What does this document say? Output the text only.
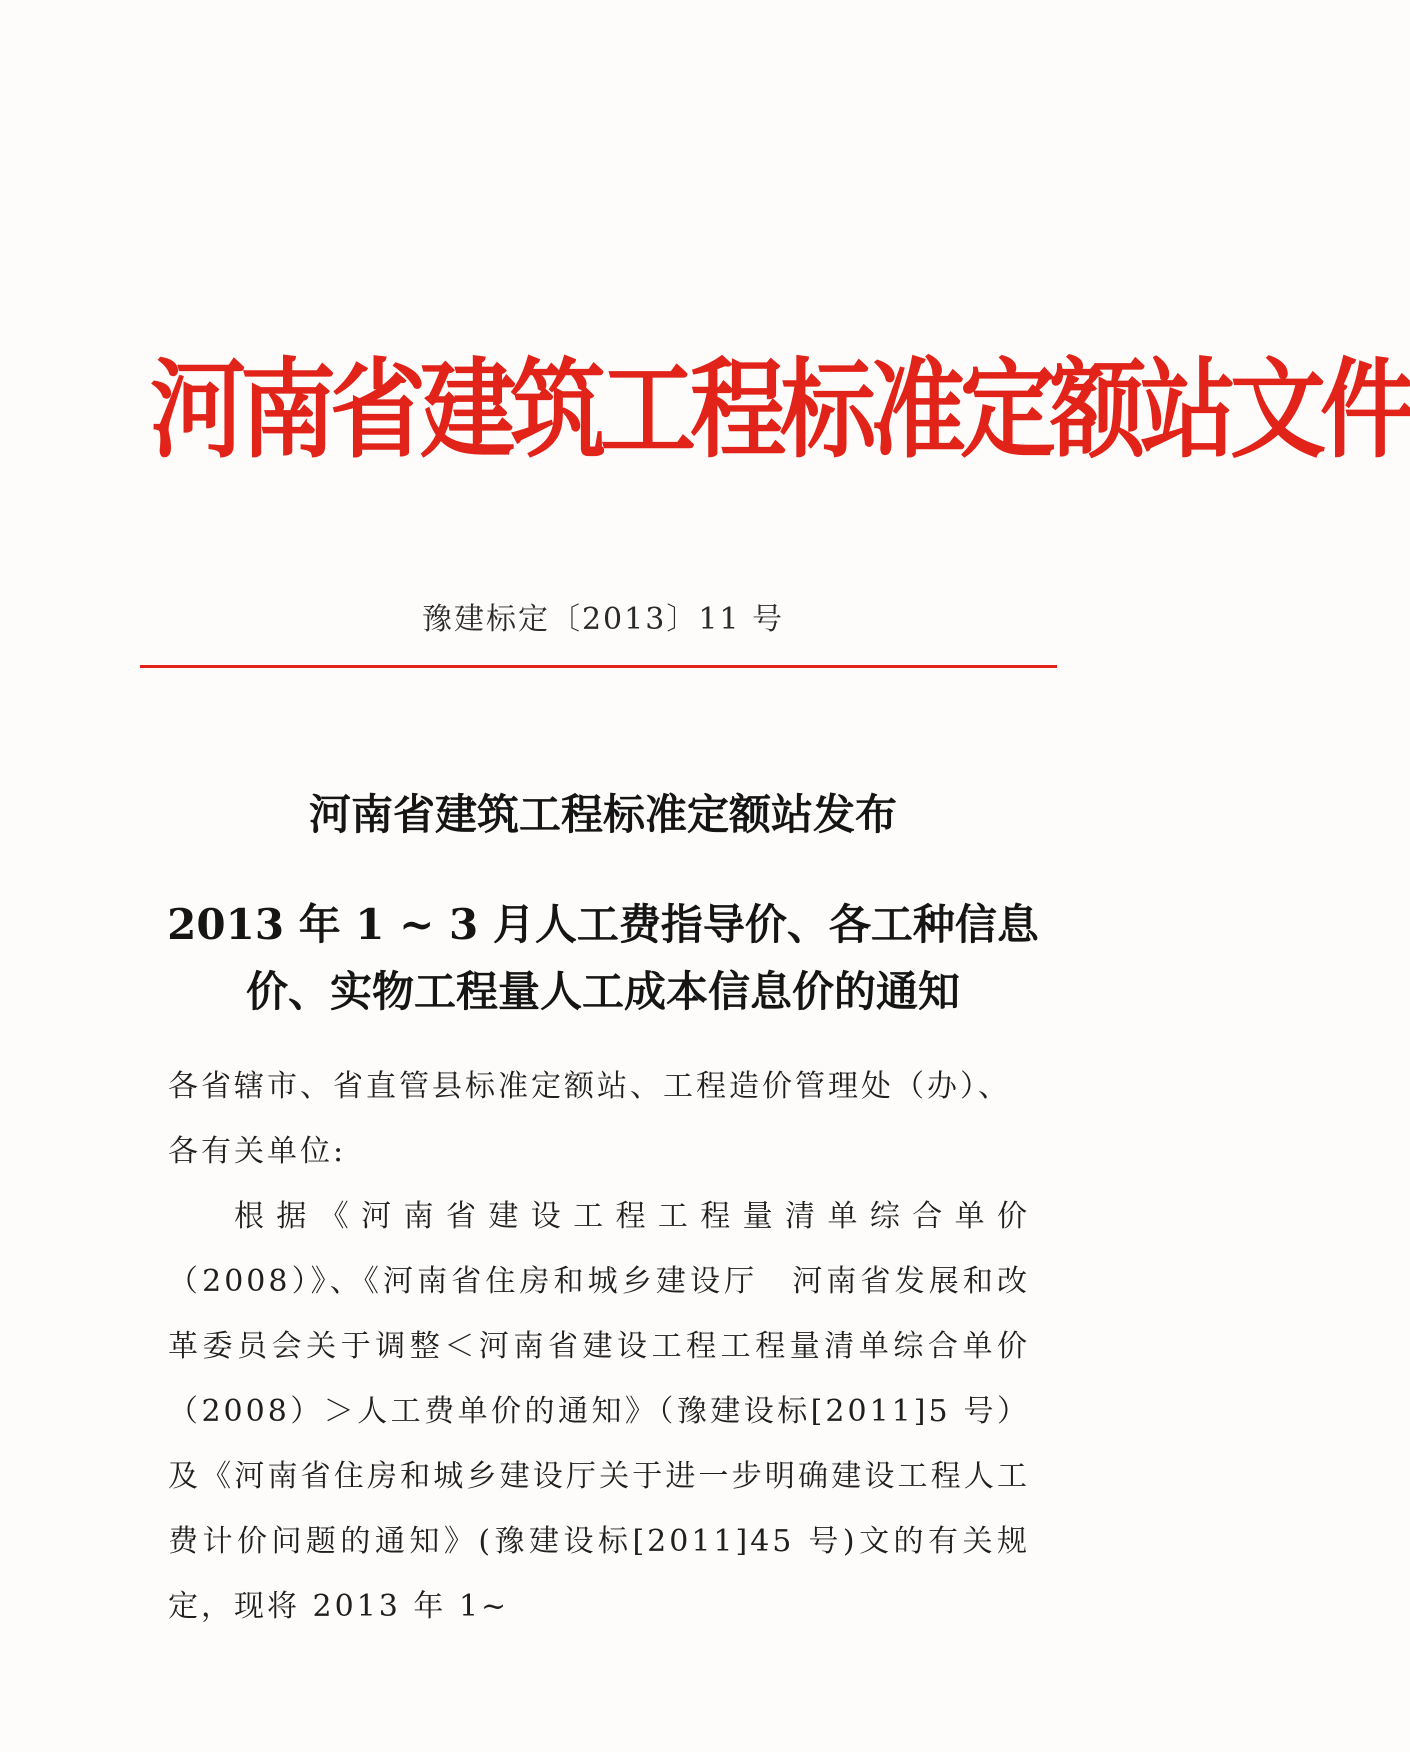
河南省建筑工程标准定额站文件
豫建标定〔2013〕11 号
河南省建筑工程标准定额站发布
2013 年 1 ~ 3 月人工费指导价、各工种信息
价、实物工程量人工成本信息价的通知
各省辖市、省直管县标准定额站、工程造价管理处（办）、各有关单位:
根据《河南省建设工程工程量清单综合单价（2008）》、《河南省住房和城乡建设厅　河南省发展和改革委员会关于调整＜河南省建设工程工程量清单综合单价（2008）＞人工费单价的通知》（豫建设标[2011]5 号）及《河南省住房和城乡建设厅关于进一步明确建设工程人工费计价问题的通知》(豫建设标[2011]45 号)文的有关规定，现将 2013 年 1~
